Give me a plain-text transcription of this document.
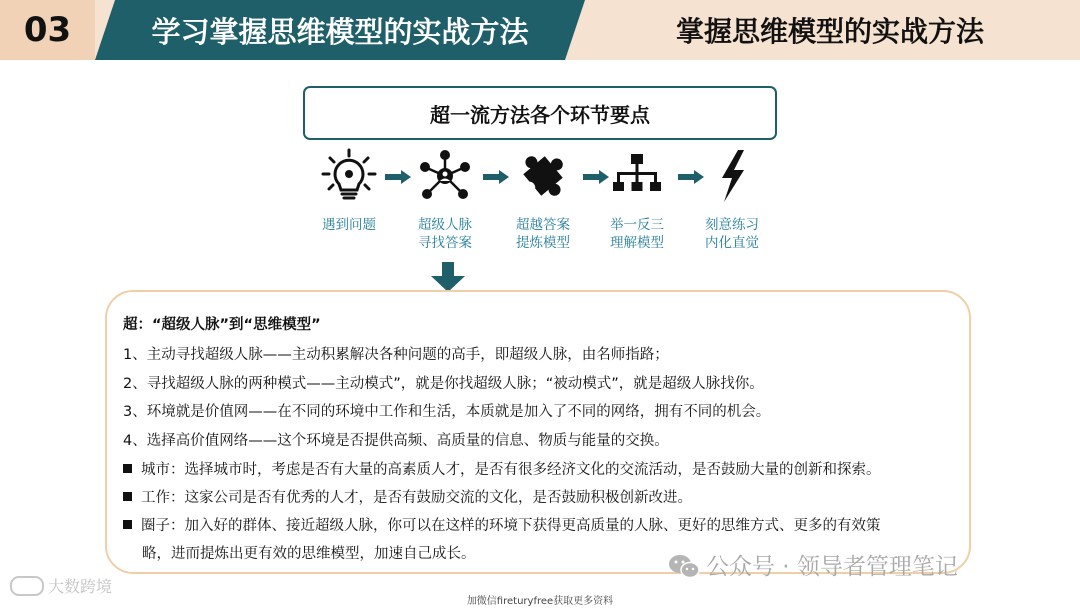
03	学习掌握思维模型的实战方法	掌握思维模型的实战方法
超一流方法各个环节要点
遇到问题	超级人脉
寻找答案
超越答案
提炼模型
举一反三
理解模型
刻意练习
内化直觉
超：“超级人脉”到“思维模型”
1、主动寻找超级人脉——主动积累解决各种问题的高手，即超级人脉，由名师指路；
2、寻找超级人脉的两种模式——主动模式”，就是你找超级人脉；“被动模式”，就是超级人脉找你。
3、环境就是价值网——在不同的环境中工作和生活，本质就是加入了不同的网络，拥有不同的机会。
4、选择高价值网络——这个环境是否提供高频、高质量的信息、物质与能量的交换。
城市：选择城市时，考虑是否有大量的高素质人才，是否有很多经济文化的交流活动，是否鼓励大量的创新和探索。
工作：这家公司是否有优秀的人才，是否有鼓励交流的文化，是否鼓励积极创新改进。
圈子：加入好的群体、接近超级人脉，你可以在这样的环境下获得更高质量的人脉、更好的思维方式、更多的有效策
略，进而提炼出更有效的思维模型，加速自己成长。	公众号 · 领导者管理笔记
大数跨境
加微信fireturyfree获取更多资料
